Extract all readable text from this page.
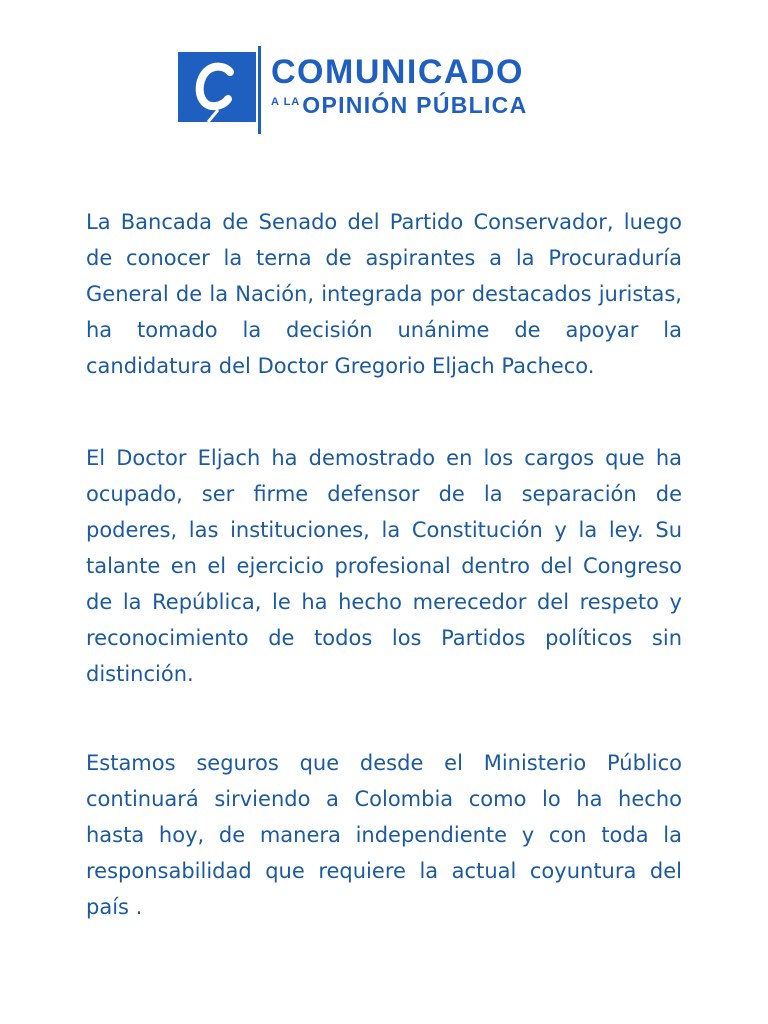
COMUNICADO
$^{A LA}$OPINIÓN PÚBLICA

La Bancada de Senado del Partido Conservador, luego de conocer la terna de aspirantes a la Procuraduría General de la Nación, integrada por destacados juristas, ha tomado la decisión unánime de apoyar la candidatura del Doctor Gregorio Eljach Pacheco.

El Doctor Eljach ha demostrado en los cargos que ha ocupado, ser firme defensor de la separación de poderes, las instituciones, la Constitución y la ley. Su talante en el ejercicio profesional dentro del Congreso de la República, le ha hecho merecedor del respeto y reconocimiento de todos los Partidos políticos sin distinción.

Estamos seguros que desde el Ministerio Público continuará sirviendo a Colombia como lo ha hecho hasta hoy, de manera independiente y con toda la responsabilidad que requiere la actual coyuntura del país .
